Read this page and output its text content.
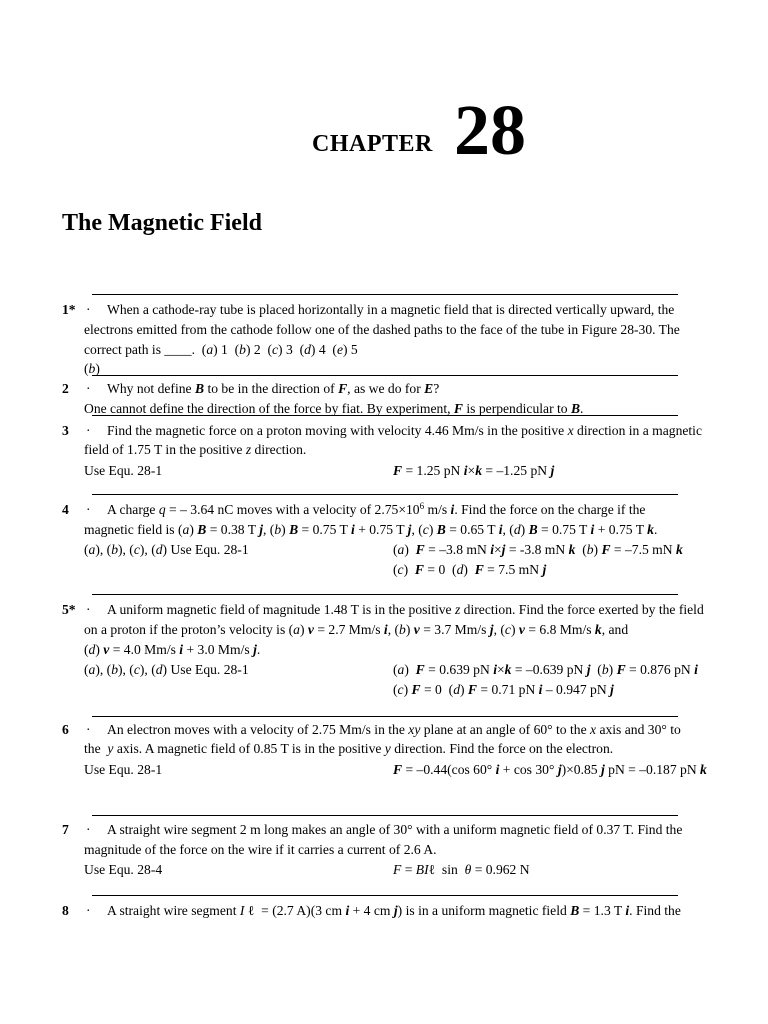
CHAPTER 28
The Magnetic Field
1* · When a cathode-ray tube is placed horizontally in a magnetic field that is directed vertically upward, the
electrons emitted from the cathode follow one of the dashed paths to the face of the tube in Figure 28-30. The
correct path is ____.  (a) 1  (b) 2  (c) 3  (d) 4  (e) 5
(b)
2 · Why not define B to be in the direction of F, as we do for E?
One cannot define the direction of the force by fiat. By experiment, F is perpendicular to B.
3 · Find the magnetic force on a proton moving with velocity 4.46 Mm/s in the positive x direction in a magnetic
field of 1.75 T in the positive z direction.
Use Equ. 28-1	F = 1.25 pN i×k = –1.25 pN j
4 · A charge q = – 3.64 nC moves with a velocity of $2.75\times 10^6$ m/s i. Find the force on the charge if the
magnetic field is (a) B = 0.38 T j, (b) B = 0.75 T i + 0.75 T j, (c) B = 0.65 T i, (d) B = 0.75 T i + 0.75 T k.
(a), (b), (c), (d) Use Equ. 28-1	(a)  F = –3.8 mN i×j = -3.8 mN k  (b) F = –7.5 mN k
(c)  F = 0  (d)  F = 7.5 mN j
5* · A uniform magnetic field of magnitude 1.48 T is in the positive z direction. Find the force exerted by the field
on a proton if the proton’s velocity is (a) v = 2.7 Mm/s i, (b) v = 3.7 Mm/s j, (c) v = 6.8 Mm/s k, and
(d) v = 4.0 Mm/s i + 3.0 Mm/s j.
(a), (b), (c), (d) Use Equ. 28-1	(a)  F = 0.639 pN i×k = –0.639 pN j  (b) F = 0.876 pN i
(c) F = 0  (d) F = 0.71 pN i – 0.947 pN j
6 · An electron moves with a velocity of 2.75 Mm/s in the xy plane at an angle of 60° to the x axis and 30° to
the  y axis. A magnetic field of 0.85 T is in the positive y direction. Find the force on the electron.
Use Equ. 28-1	F = –0.44(cos 60° i + cos 30° j)×0.85 j pN = –0.187 pN k
7 · A straight wire segment 2 m long makes an angle of 30° with a uniform magnetic field of 0.37 T. Find the
magnitude of the force on the wire if it carries a current of 2.6 A.
Use Equ. 28-4	F = BIℓ  sin  θ = 0.962 N
8 · A straight wire segment I ℓ  = (2.7 A)(3 cm i + 4 cm j) is in a uniform magnetic field B = 1.3 T i. Find the
